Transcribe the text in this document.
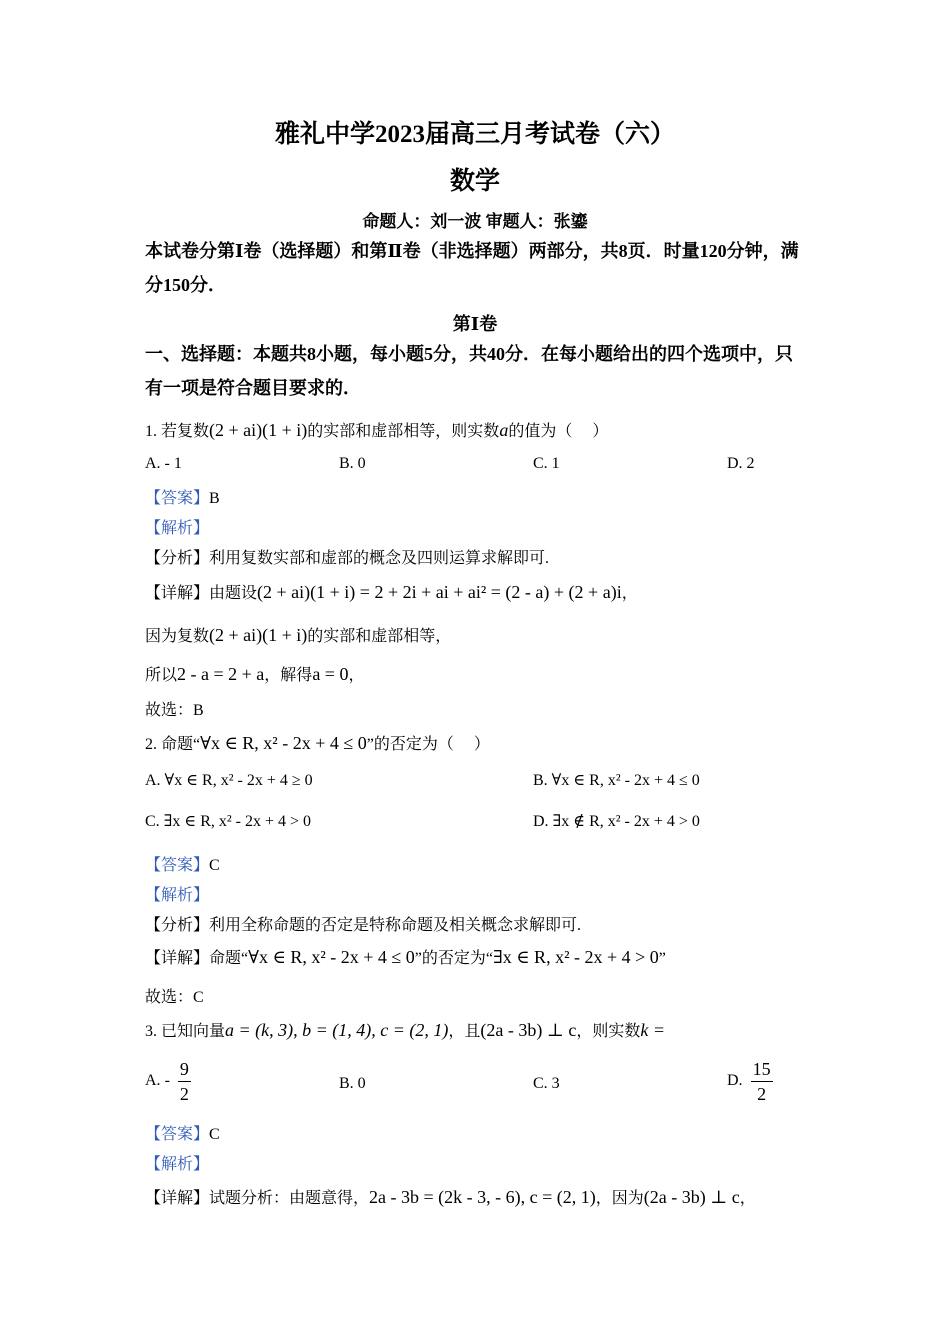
雅礼中学2023届高三月考试卷（六）
数学
命题人：刘一波 审题人：张鎏
本试卷分第Ⅰ卷（选择题）和第Ⅱ卷（非选择题）两部分，共8页．时量120分钟，满分150分．
第Ⅰ卷
一、选择题：本题共8小题，每小题5分，共40分．在每小题给出的四个选项中，只有一项是符合题目要求的．
1. 若复数(2 + ai)(1 + i)的实部和虚部相等，则实数a的值为（　 ）
A. - 1	B. 0	C. 1	D. 2
【答案】B
【解析】
【分析】利用复数实部和虚部的概念及四则运算求解即可.
【详解】由题设(2 + ai)(1 + i) = 2 + 2i + ai + ai² = (2 - a) + (2 + a)i，
因为复数(2 + ai)(1 + i)的实部和虚部相等，
所以2 - a = 2 + a，解得a = 0，
故选：B
2. 命题“∀x ∈ R, x² - 2x + 4 ≤ 0”的否定为（　 ）
A. ∀x ∈ R, x² - 2x + 4 ≥ 0	B. ∀x ∈ R, x² - 2x + 4 ≤ 0
C. ∃x ∈ R, x² - 2x + 4 > 0	D. ∃x ∉ R, x² - 2x + 4 > 0
【答案】C
【解析】
【分析】利用全称命题的否定是特称命题及相关概念求解即可.
【详解】命题“∀x ∈ R, x² - 2x + 4 ≤ 0”的否定为“∃x ∈ R, x² - 2x + 4 > 0”
故选：C
3. 已知向量a = (k, 3), b = (1, 4), c = (2, 1)，且(2a - 3b) ⊥ c，则实数k =
A. - $\frac{9}{2}$	B. 0	C. 3	D. $\frac{15}{2}$
【答案】C
【解析】
【详解】试题分析：由题意得，2a - 3b = (2k - 3, - 6), c = (2, 1)，因为(2a - 3b) ⊥ c，
